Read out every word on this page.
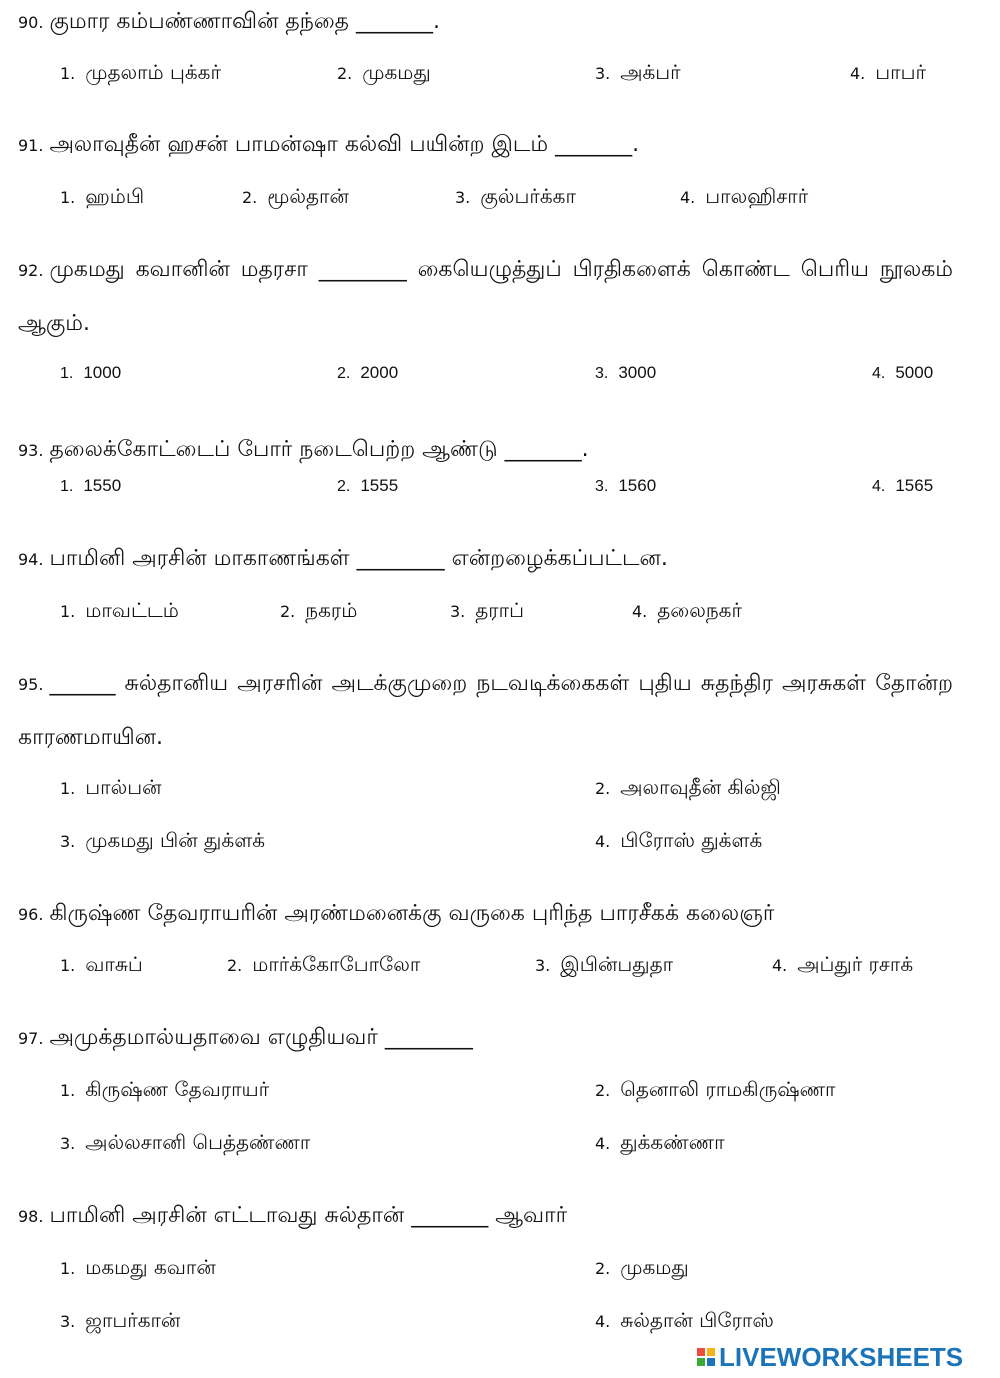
90. குமார கம்பண்ணாவின் தந்தை _______.
1. முதலாம் புக்கர்	2. முகமது	3. அக்பர்	4. பாபர்
91. அலாவுதீன் ஹசன் பாமன்ஷா கல்வி பயின்ற இடம் _______.
1. ஹம்பி	2. மூல்தான்	3. குல்பர்க்கா	4. பாலஹிசார்
92. முகமது கவானின் மதரசா ________ கையெழுத்துப் பிரதிகளைக் கொண்ட பெரிய நூலகம் ஆகும்.
1. 1000	2. 2000	3. 3000	4. 5000
93. தலைக்கோட்டைப் போர் நடைபெற்ற ஆண்டு _______.
1. 1550	2. 1555	3. 1560	4. 1565
94. பாமினி அரசின் மாகாணங்கள் ________ என்றழைக்கப்பட்டன.
1. மாவட்டம்	2. நகரம்	3. தராப்	4. தலைநகர்
95. ______ சுல்தானிய அரசரின் அடக்குமுறை நடவடிக்கைகள் புதிய சுதந்திர அரசுகள் தோன்ற காரணமாயின.
1. பால்பன்	2. அலாவுதீன் கில்ஜி
3. முகமது பின் துக்ளக்	4. பிரோஸ் துக்ளக்
96. கிருஷ்ண தேவராயரின் அரண்மனைக்கு வருகை புரிந்த பாரசீகக் கலைஞர்
1. வாசுப்	2. மார்க்கோபோலோ	3. இபின்பதுதா	4. அப்துர் ரசாக்
97. அமுக்தமால்யதாவை எழுதியவர் ________
1. கிருஷ்ண தேவராயர்	2. தெனாலி ராமகிருஷ்ணா
3. அல்லசானி பெத்தண்ணா	4. துக்கண்ணா
98. பாமினி அரசின் எட்டாவது சுல்தான் _______ ஆவார்
1. மகமது கவான்	2. முகமது
3. ஜாபர்கான்	4. சுல்தான் பிரோஸ்
LIVEWORKSHEETS
